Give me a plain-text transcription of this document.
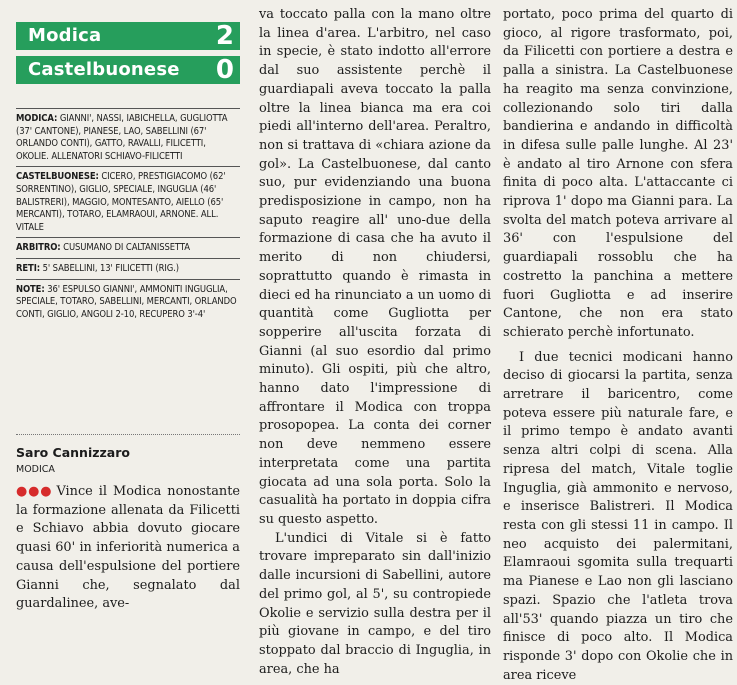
Modica	2
Castelbuonese 0
MODICA: GIANNI', NASSI, IABICHELLA, GUGLIOTTA (37' CANTONE), PIANESE, LAO, SABELLINI (67' ORLANDO CONTI), GATTO, RAVALLI, FILICETTI, OKOLIE. ALLENATORI SCHIAVO-FILICETTI
CASTELBUONESE: CICERO, PRESTIGIACOMO (62' SORRENTINO), GIGLIO, SPECIALE, INGUGLIA (46' BALISTRERI), MAGGIO, MONTESANTO, AIELLO (65' MERCANTI), TOTARO, ELAMRAOUI, ARNONE. ALL. VITALE
ARBITRO: CUSUMANO DI CALTANISSETTA
RETI: 5' SABELLINI, 13' FILICETTI (RIG.)
NOTE: 36' ESPULSO GIANNI', AMMONITI INGUGLIA, SPECIALE, TOTARO, SABELLINI, MERCANTI, ORLANDO CONTI, GIGLIO, ANGOLI 2-10, RECUPERO 3'-4'
Saro Cannizzaro
MODICA

●●● Vince il Modica nonostante la formazione allenata da Filicetti e Schiavo abbia dovuto giocare quasi 60' in inferiorità numerica a causa dell'espulsione del portiere Gianni che, segnalato dal guardalinee, ave-

va toccato palla con la mano oltre la linea d'area. L'arbitro, nel caso in specie, è stato indotto all'errore dal suo assistente perchè il guardiapali aveva toccato la palla oltre la linea bianca ma era coi piedi all'interno dell'area. Peraltro, non si trattava di «chiara azione da gol». La Castelbuonese, dal canto suo, pur evidenziando una buona predisposizione in campo, non ha saputo reagire all' uno-due della formazione di casa che ha avuto il merito di non chiudersi, soprattutto quando è rimasta in dieci ed ha rinunciato a un uomo di quantità come Gugliotta per sopperire all'uscita forzata di Gianni (al suo esordio dal primo minuto). Gli ospiti, più che altro, hanno dato l'impressione di affrontare il Modica con troppa prosopopea. La conta dei corner non deve nemmeno essere interpretata come una partita giocata ad una sola porta. Solo la casualità ha portato in doppia cifra su questo aspetto.

L'undici di Vitale si è fatto trovare impreparato sin dall'inizio dalle incursioni di Sabellini, autore del primo gol, al 5', su contropiede Okolie e servizio sulla destra per il più giovane in campo, e del tiro stoppato dal braccio di Inguglia, in area, che ha

portato, poco prima del quarto di gioco, al rigore trasformato, poi, da Filicetti con portiere a destra e palla a sinistra. La Castelbuonese ha reagito ma senza convinzione, collezionando solo tiri dalla bandierina e andando in difficoltà in difesa sulle palle lunghe. Al 23' è andato al tiro Arnone con sfera finita di poco alta. L'attaccante ci riprova 1' dopo ma Gianni para. La svolta del match poteva arrivare al 36' con l'espulsione del guardiapali rossoblu che ha costretto la panchina a mettere fuori Gugliotta e ad inserire Cantone, che non era stato schierato perchè infortunato.

I due tecnici modicani hanno deciso di giocarsi la partita, senza arretrare il baricentro, come poteva essere più naturale fare, e il primo tempo è andato avanti senza altri colpi di scena. Alla ripresa del match, Vitale toglie Inguglia, già ammonito e nervoso, e inserisce Balistreri. Il Modica resta con gli stessi 11 in campo. Il neo acquisto dei palermitani, Elamraoui sgomita sulla trequarti ma Pianese e Lao non gli lasciano spazi. Spazio che l'atleta trova all'53' quando piazza un tiro che finisce di poco alto. Il Modica risponde 3' dopo con Okolie che in area riceve
